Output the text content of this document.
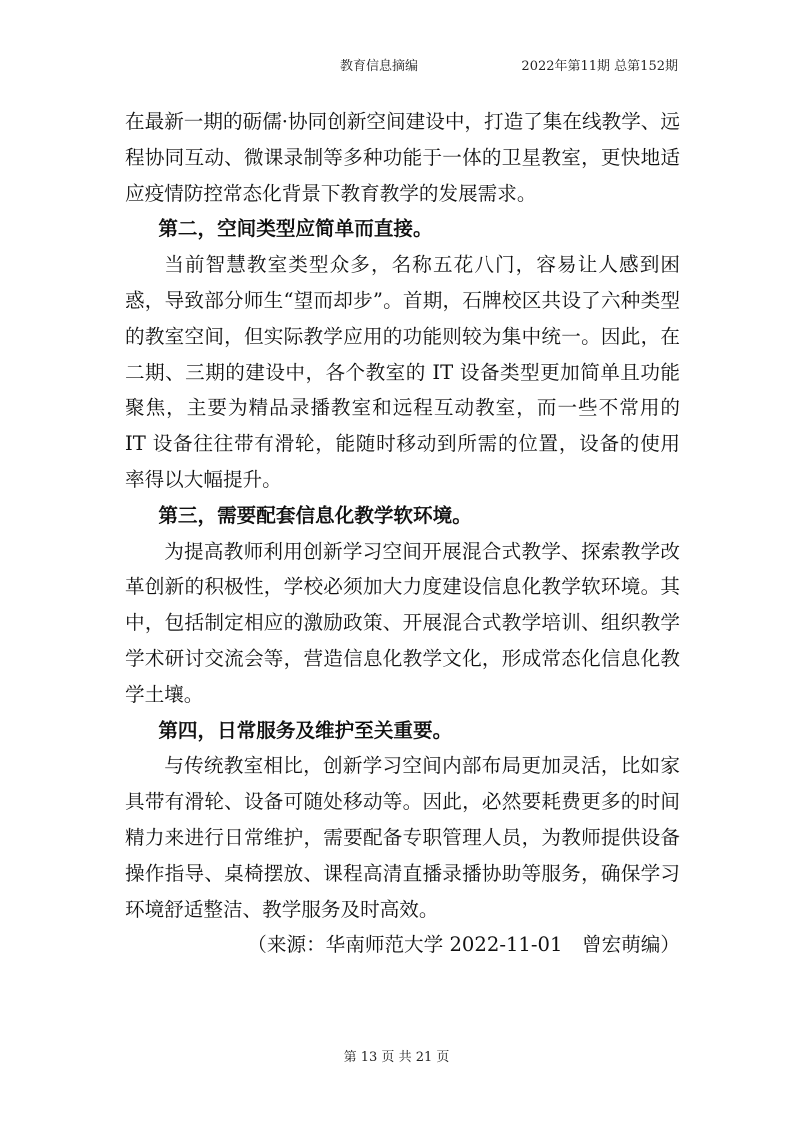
教育信息摘编	2022年第11期 总第152期

在最新一期的砺儒·协同创新空间建设中，打造了集在线教学、远程协同互动、微课录制等多种功能于一体的卫星教室，更快地适应疫情防控常态化背景下教育教学的发展需求。

第二，空间类型应简单而直接。

当前智慧教室类型众多，名称五花八门，容易让人感到困惑，导致部分师生“望而却步”。首期，石牌校区共设了六种类型的教室空间，但实际教学应用的功能则较为集中统一。因此，在二期、三期的建设中，各个教室的 IT 设备类型更加简单且功能聚焦，主要为精品录播教室和远程互动教室，而一些不常用的 IT 设备往往带有滑轮，能随时移动到所需的位置，设备的使用率得以大幅提升。

第三，需要配套信息化教学软环境。

为提高教师利用创新学习空间开展混合式教学、探索教学改革创新的积极性，学校必须加大力度建设信息化教学软环境。其中，包括制定相应的激励政策、开展混合式教学培训、组织教学学术研讨交流会等，营造信息化教学文化，形成常态化信息化教学土壤。

第四，日常服务及维护至关重要。

与传统教室相比，创新学习空间内部布局更加灵活，比如家具带有滑轮、设备可随处移动等。因此，必然要耗费更多的时间精力来进行日常维护，需要配备专职管理人员，为教师提供设备操作指导、桌椅摆放、课程高清直播录播协助等服务，确保学习环境舒适整洁、教学服务及时高效。

（来源：华南师范大学 2022-11-01　曾宏萌编）

第 13 页 共 21 页
